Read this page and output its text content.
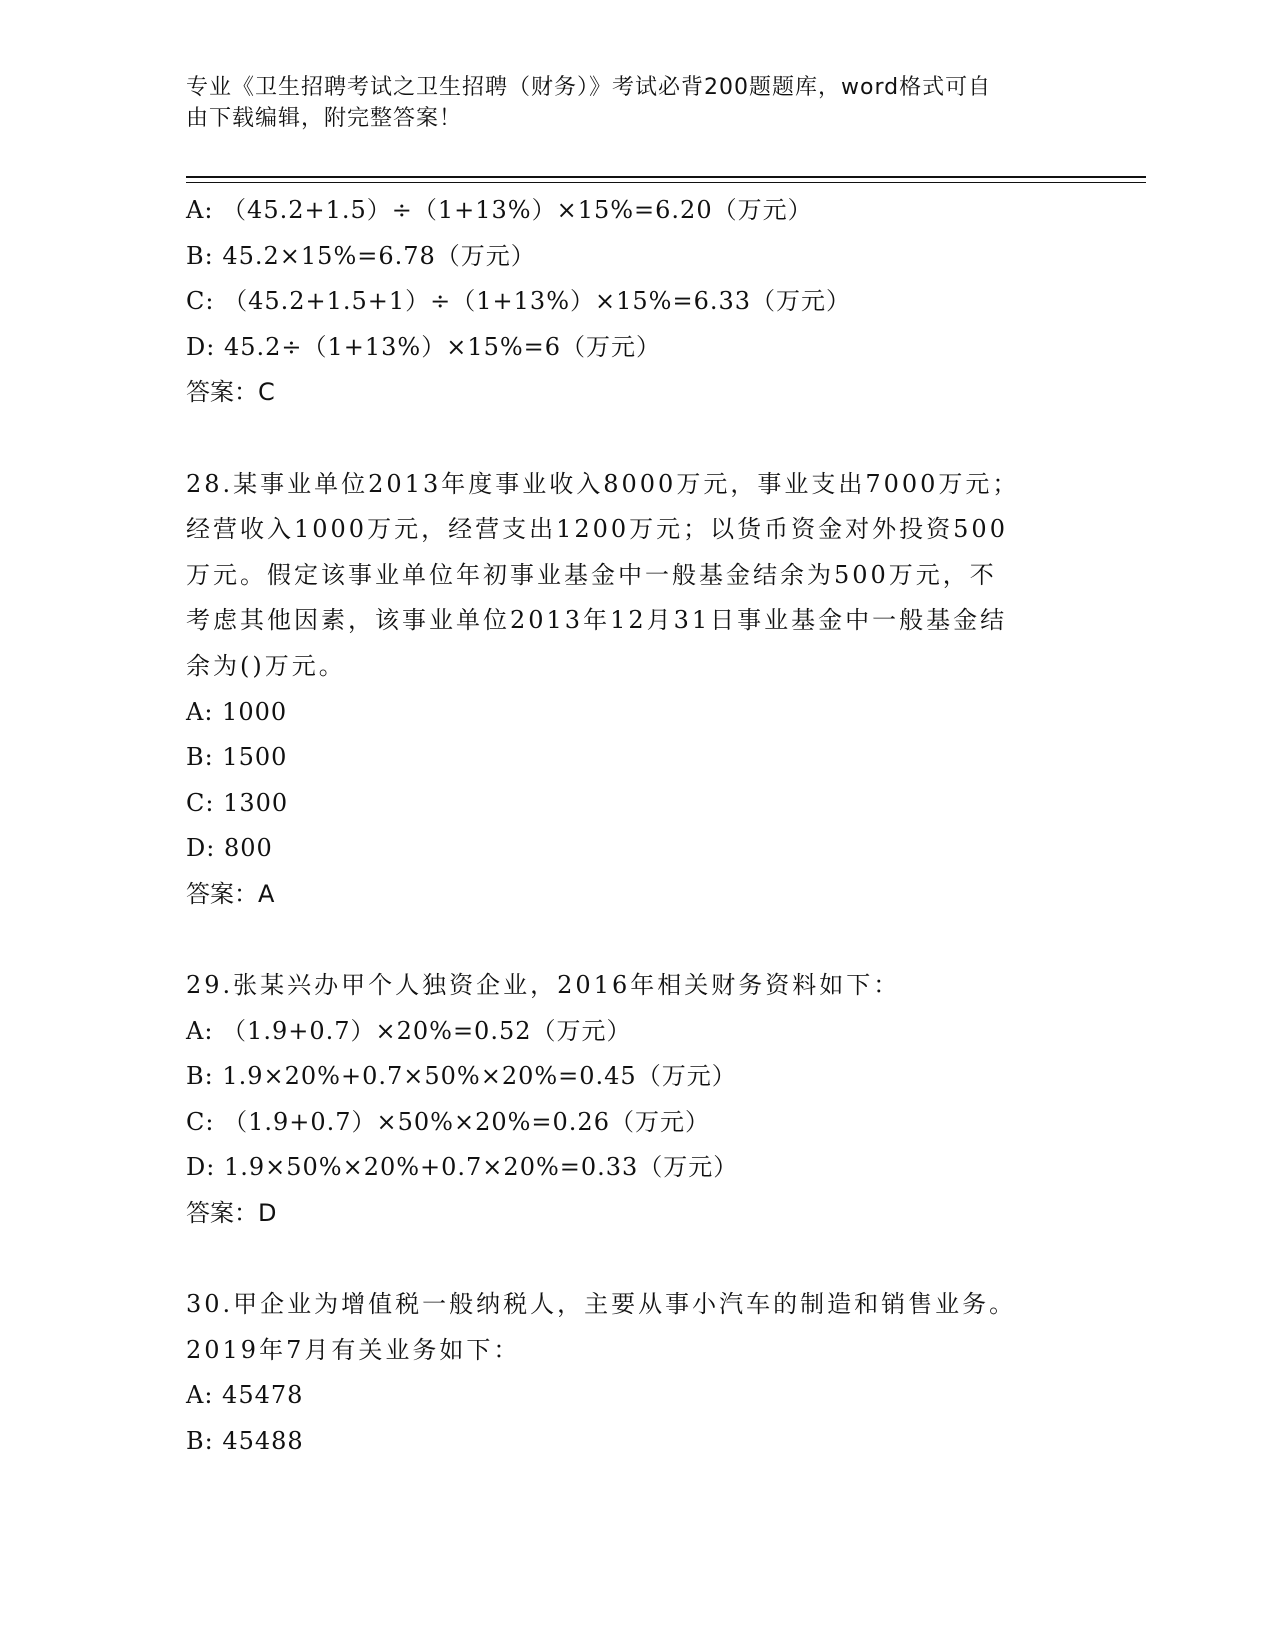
专业《卫生招聘考试之卫生招聘（财务）》考试必背200题题库，word格式可自
由下载编辑，附完整答案！
A: （45.2+1.5）÷（1+13%）×15%=6.20（万元）
B: 45.2×15%=6.78（万元）
C: （45.2+1.5+1）÷（1+13%）×15%=6.33（万元）
D: 45.2÷（1+13%）×15%=6（万元）
答案：C
28.某事业单位2013年度事业收入8000万元，事业支出7000万元；
经营收入1000万元，经营支出1200万元；以货币资金对外投资500
万元。假定该事业单位年初事业基金中一般基金结余为500万元，不
考虑其他因素，该事业单位2013年12月31日事业基金中一般基金结
余为()万元。
A: 1000
B: 1500
C: 1300
D: 800
答案：A
29.张某兴办甲个人独资企业，2016年相关财务资料如下：
A: （1.9+0.7）×20%=0.52（万元）
B: 1.9×20%+0.7×50%×20%=0.45（万元）
C: （1.9+0.7）×50%×20%=0.26（万元）
D: 1.9×50%×20%+0.7×20%=0.33（万元）
答案：D
30.甲企业为增值税一般纳税人，主要从事小汽车的制造和销售业务。
2019年7月有关业务如下：
A: 45478
B: 45488
